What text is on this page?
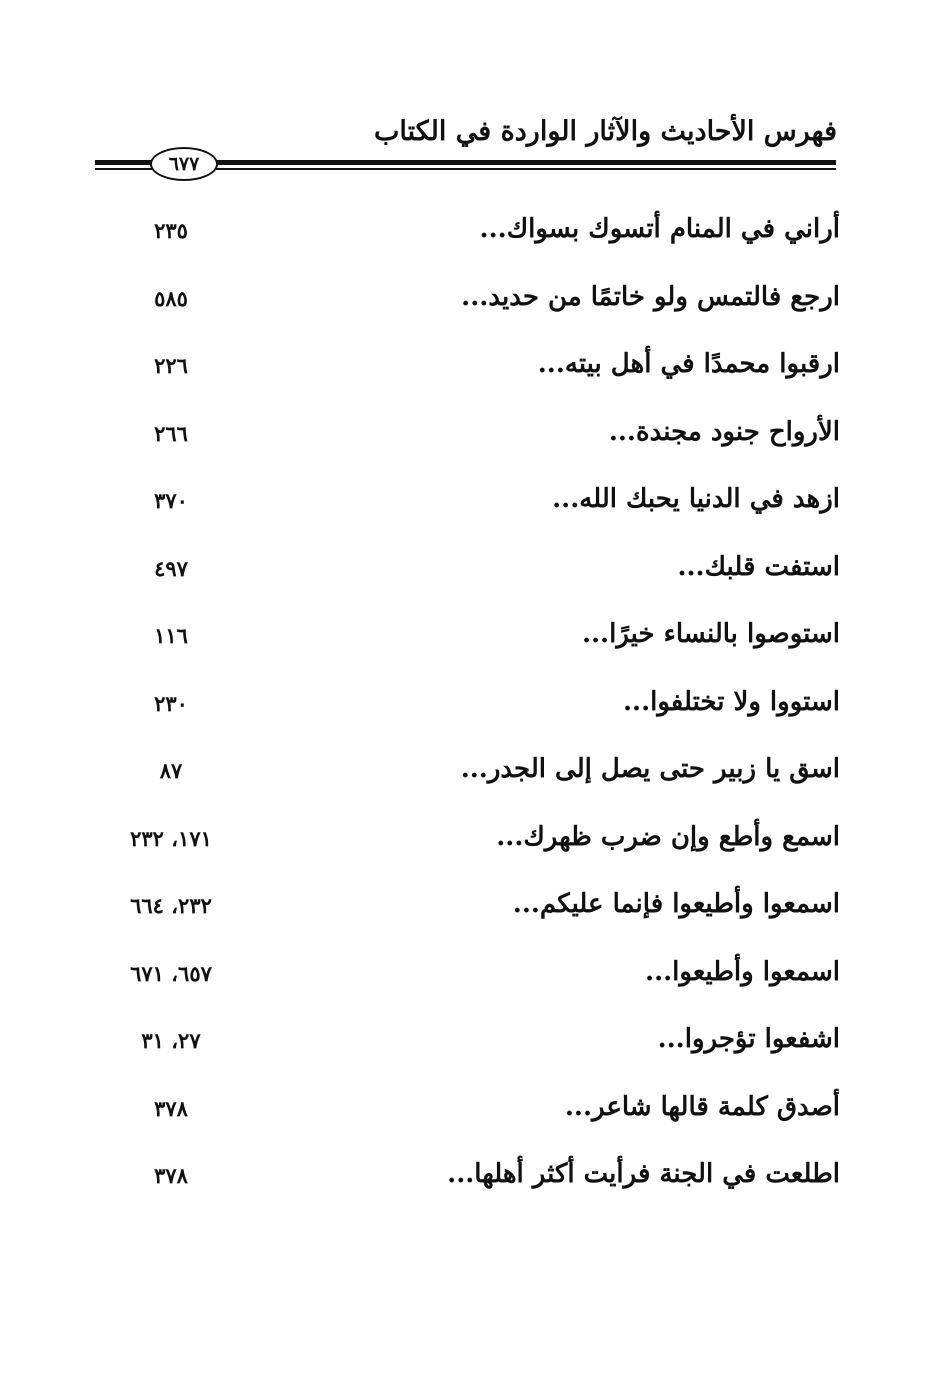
فهرس الأحاديث والآثار الواردة في الكتاب
٦٧٧
أراني في المنام أتسوك بسواك...
٢٣٥
ارجع فالتمس ولو خاتمًا من حديد...
٥٨٥
ارقبوا محمدًا في أهل بيته...
٢٢٦
الأرواح جنود مجندة...
٢٦٦
ازهد في الدنيا يحبك الله...
٣٧٠
استفت قلبك...
٤٩٧
استوصوا بالنساء خيرًا...
١١٦
استووا ولا تختلفوا...
٢٣٠
اسق يا زبير حتى يصل إلى الجدر...
٨٧
اسمع وأطع وإن ضرب ظهرك...
١٧١، ٢٣٢
اسمعوا وأطيعوا فإنما عليكم...
٢٣٢، ٦٦٤
اسمعوا وأطيعوا...
٦٥٧، ٦٧١
اشفعوا تؤجروا...
٢٧، ٣١
أصدق كلمة قالها شاعر...
٣٧٨
اطلعت في الجنة فرأيت أكثر أهلها...
٣٧٨
